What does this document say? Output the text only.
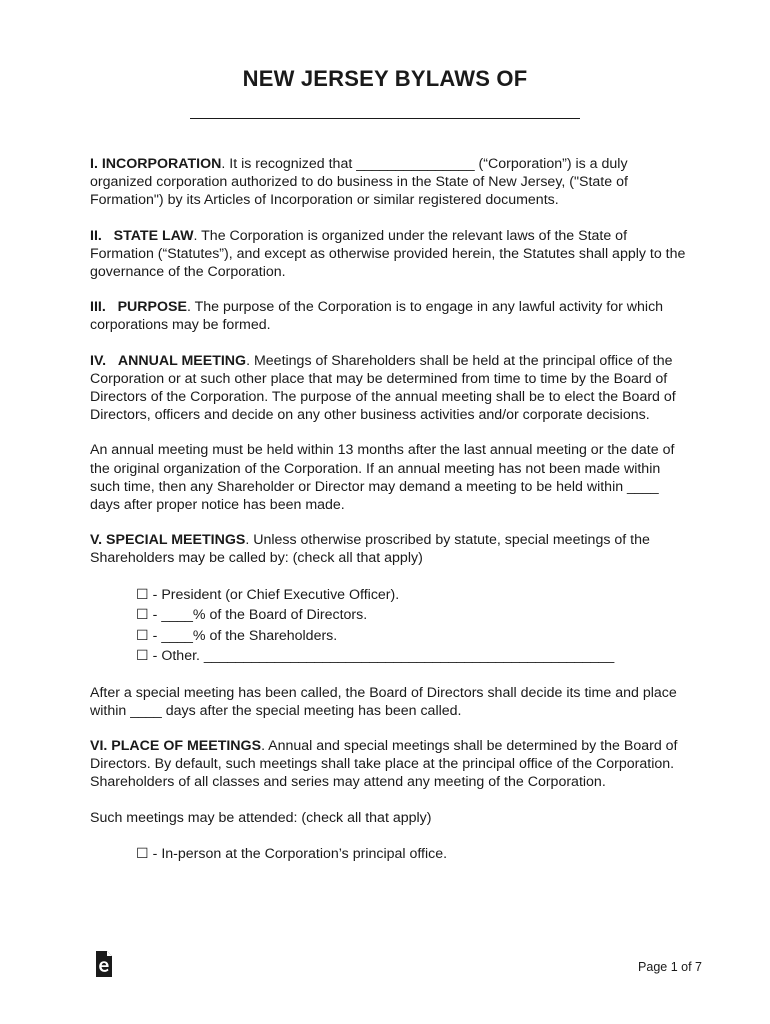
NEW JERSEY BYLAWS OF

I. INCORPORATION. It is recognized that _______________ (“Corporation”) is a duly organized corporation authorized to do business in the State of New Jersey, ("State of Formation") by its Articles of Incorporation or similar registered documents.

II.   STATE LAW. The Corporation is organized under the relevant laws of the State of Formation (“Statutes”), and except as otherwise provided herein, the Statutes shall apply to the governance of the Corporation.

III.   PURPOSE. The purpose of the Corporation is to engage in any lawful activity for which corporations may be formed.

IV.   ANNUAL MEETING. Meetings of Shareholders shall be held at the principal office of the Corporation or at such other place that may be determined from time to time by the Board of Directors of the Corporation. The purpose of the annual meeting shall be to elect the Board of Directors, officers and decide on any other business activities and/or corporate decisions.

An annual meeting must be held within 13 months after the last annual meeting or the date of the original organization of the Corporation. If an annual meeting has not been made within such time, then any Shareholder or Director may demand a meeting to be held within ____ days after proper notice has been made.

V. SPECIAL MEETINGS. Unless otherwise proscribed by statute, special meetings of the Shareholders may be called by: (check all that apply)

☐ - President (or Chief Executive Officer).
☐ - ____% of the Board of Directors.
☐ - ____% of the Shareholders.
☐ - Other. ____________________________________________________

After a special meeting has been called, the Board of Directors shall decide its time and place within ____ days after the special meeting has been called.

VI. PLACE OF MEETINGS. Annual and special meetings shall be determined by the Board of Directors. By default, such meetings shall take place at the principal office of the Corporation. Shareholders of all classes and series may attend any meeting of the Corporation.

Such meetings may be attended: (check all that apply)

☐ - In-person at the Corporation’s principal office.
Page 1 of 7
